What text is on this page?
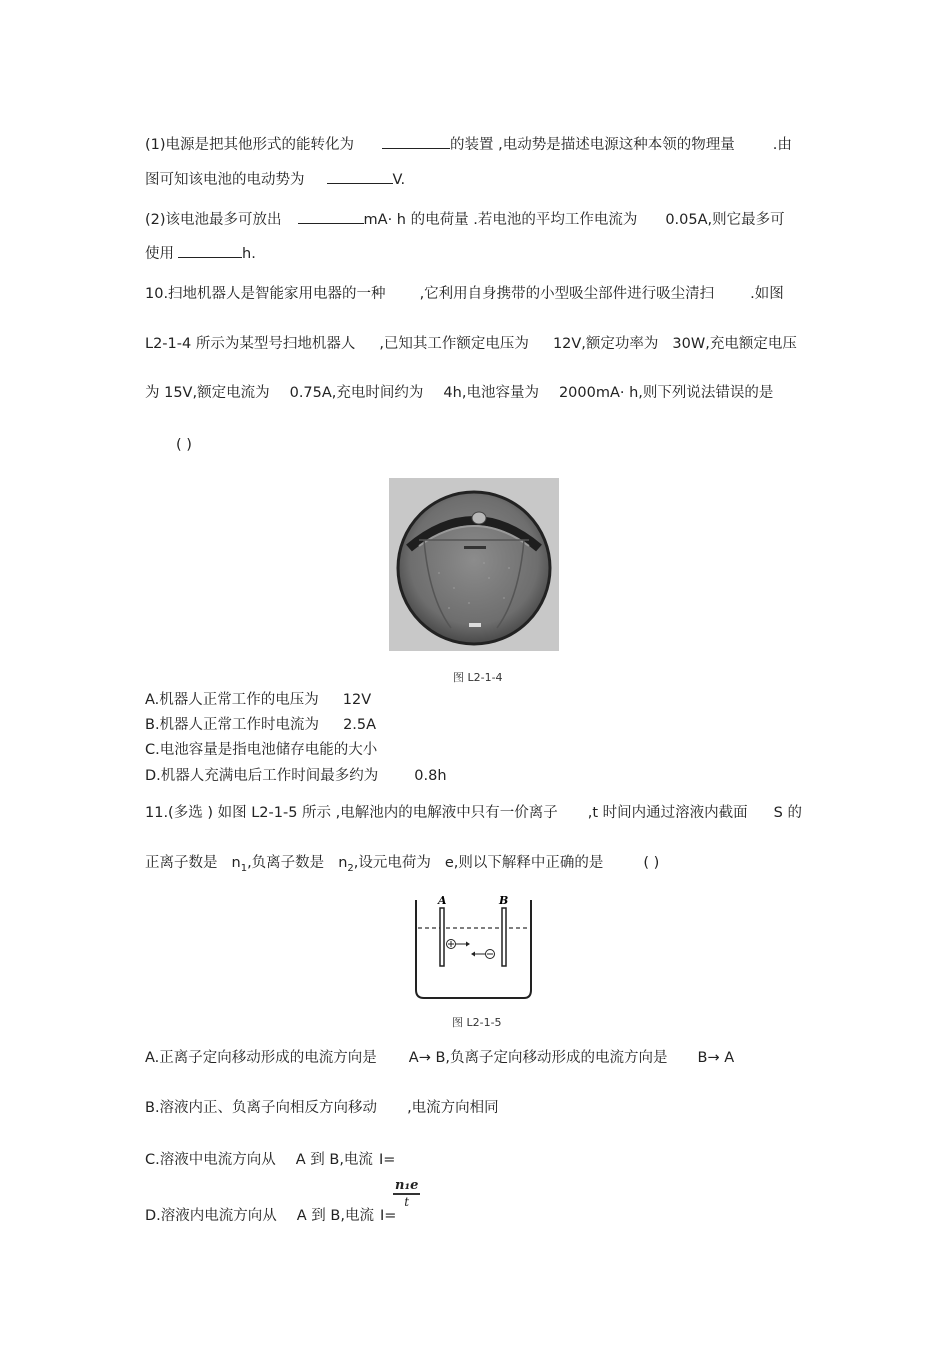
(1)电源是把其他形式的能转化为	的装置 ,电动势是描述电源这种本领的物理量	.由
图可知该电池的电动势为	V.
(2)该电池最多可放出	mA· h 的电荷量 .若电池的平均工作电流为 0.05A,则它最多可
使用	h.
10.扫地机器人是智能家用电器的一种 ,它利用自身携带的小型吸尘部件进行吸尘清扫 .如图
L2-1-4 所示为某型号扫地机器人 ,已知其工作额定电压为 12V,额定功率为 30W,充电额定电压
为 15V,额定电流为 0.75A,充电时间约为 4h,电池容量为 2000mA· h,则下列说法错误的是
( )
图 L2-1-4
A.机器人正常工作的电压为 12V
B.机器人正常工作时电流为 2.5A
C.电池容量是指电池储存电能的大小
D.机器人充满电后工作时间最多约为 0.8h
11.(多选 ) 如图 L2-1-5 所示 ,电解池内的电解液中只有一价离子 ,t 时间内通过溶液内截面 S 的
正离子数是 $n_1$,负离子数是 $n_2$,设元电荷为 e,则以下解释中正确的是	( )
A	B
图 L2-1-5
A.正离子定向移动形成的电流方向是 A→ B,负离子定向移动形成的电流方向是 B→ A
B.溶液内正、负离子向相反方向移动 ,电流方向相同
C.溶液中电流方向从 A 到 B,电流 I=
D.溶液内电流方向从 A 到 B,电流 I=
$\frac{\text{n₁e}}{t}$
